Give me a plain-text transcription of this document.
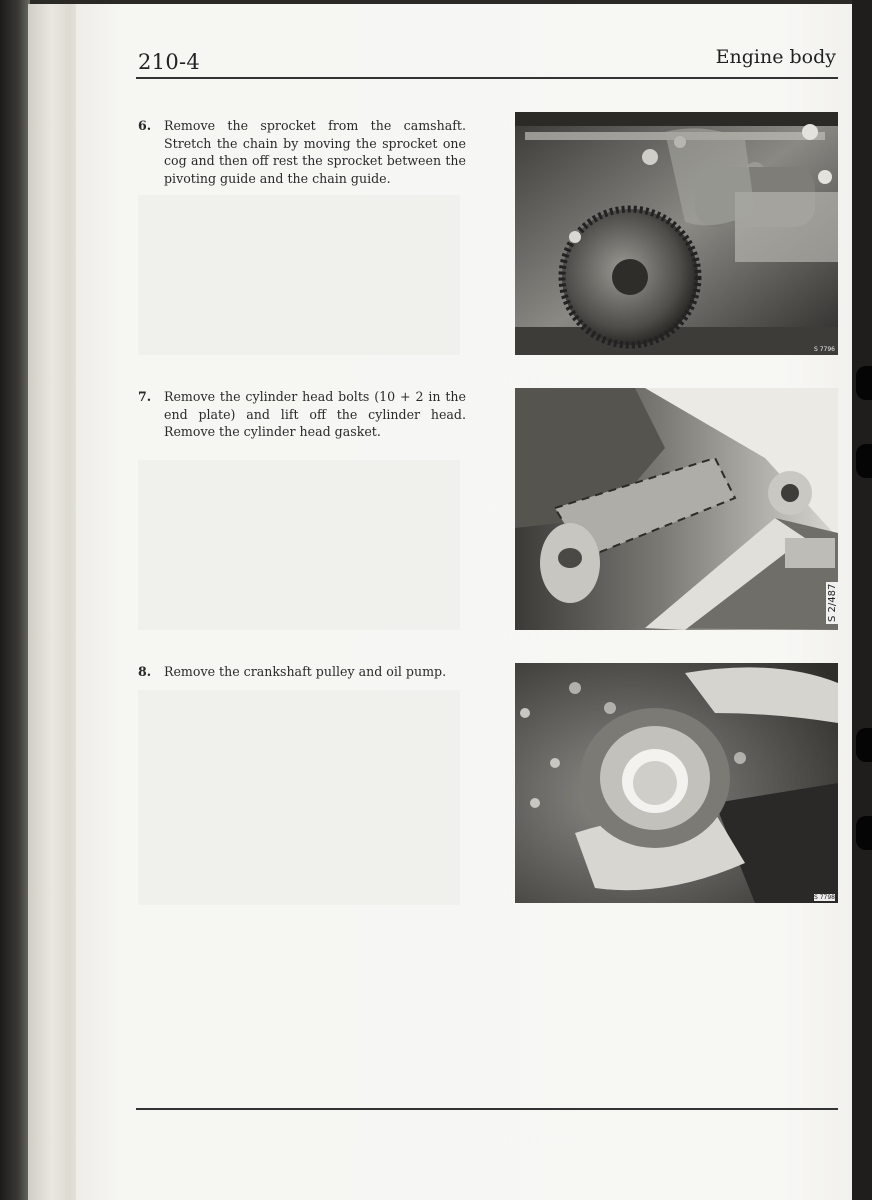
210-4	Engine body
6. Remove the sprocket from the camshaft. Stretch the chain by moving the sprocket one cog and then off rest the sprocket between the pivoting guide and the chain guide.
7. Remove the cylinder head bolts (10 + 2 in the end plate) and lift off the cylinder head. Remove the cylinder head gasket.
8. Remove the crankshaft pulley and oil pump.
S 7796
S 2/487
S 7798
